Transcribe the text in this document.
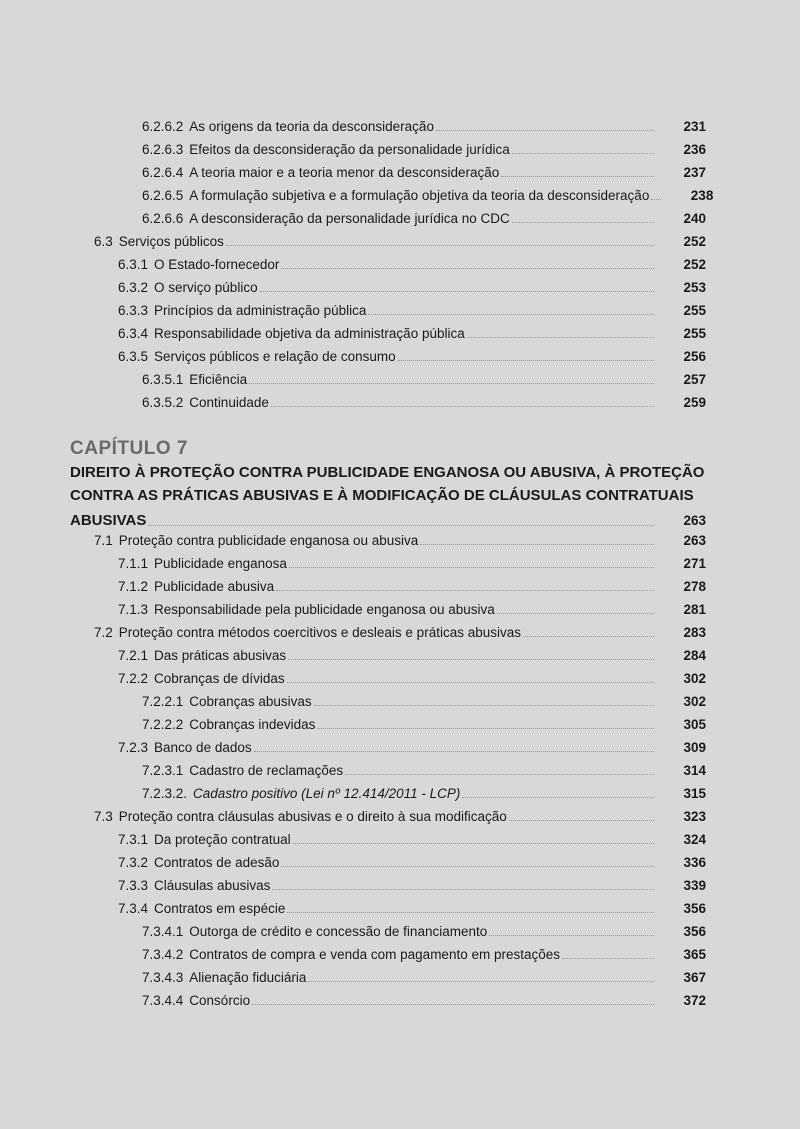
6.2.6.2 As origens da teoria da desconsideração	231
6.2.6.3 Efeitos da desconsideração da personalidade jurídica	236
6.2.6.4 A teoria maior e a teoria menor da desconsideração	237
6.2.6.5 A formulação subjetiva e a formulação objetiva da teoria da desconsideração	238
6.2.6.6 A desconsideração da personalidade jurídica no CDC	240
6.3 Serviços públicos	252
6.3.1 O Estado-fornecedor	252
6.3.2 O serviço público	253
6.3.3 Princípios da administração pública	255
6.3.4 Responsabilidade objetiva da administração pública	255
6.3.5 Serviços públicos e relação de consumo	256
6.3.5.1 Eficiência	257
6.3.5.2 Continuidade	259
CAPÍTULO 7
DIREITO À PROTEÇÃO CONTRA PUBLICIDADE ENGANOSA OU ABUSIVA, À PROTEÇÃO
CONTRA AS PRÁTICAS ABUSIVAS E À MODIFICAÇÃO DE CLÁUSULAS CONTRATUAIS
ABUSIVAS	263
7.1 Proteção contra publicidade enganosa ou abusiva	263
7.1.1 Publicidade enganosa	271
7.1.2 Publicidade abusiva	278
7.1.3 Responsabilidade pela publicidade enganosa ou abusiva	281
7.2 Proteção contra métodos coercitivos e desleais e práticas abusivas	283
7.2.1 Das práticas abusivas	284
7.2.2 Cobranças de dívidas	302
7.2.2.1 Cobranças abusivas	302
7.2.2.2 Cobranças indevidas	305
7.2.3 Banco de dados	309
7.2.3.1 Cadastro de reclamações	314
7.2.3.2. Cadastro positivo (Lei nº 12.414/2011 - LCP)	315
7.3 Proteção contra cláusulas abusivas e o direito à sua modificação	323
7.3.1 Da proteção contratual	324
7.3.2 Contratos de adesão	336
7.3.3 Cláusulas abusivas	339
7.3.4 Contratos em espécie	356
7.3.4.1 Outorga de crédito e concessão de financiamento	356
7.3.4.2 Contratos de compra e venda com pagamento em prestações	365
7.3.4.3 Alienação fiduciária	367
7.3.4.4 Consórcio	372
